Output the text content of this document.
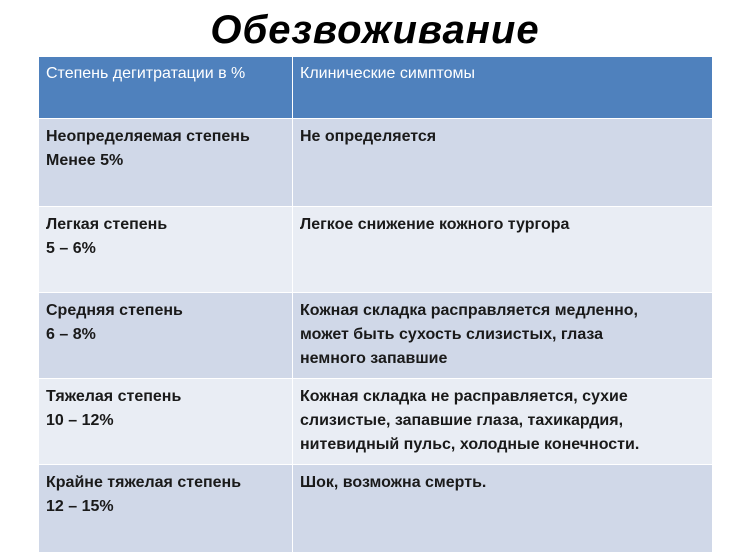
Обезвоживание
Степень дегитратации в %	Клинические симптомы

Неопределяемая степень
Менее 5%	Не определяется

Легкая степень
5 – 6%	Легкое снижение кожного тургора

Средняя степень
6 – 8%	Кожная складка расправляется медленно,
может быть сухость слизистых, глаза
немного запавшие

Тяжелая степень
10 – 12%	Кожная складка не расправляется, сухие
слизистые, запавшие глаза, тахикардия,
нитевидный пульс, холодные конечности.

Крайне тяжелая степень
12 – 15%	Шок, возможна смерть.
